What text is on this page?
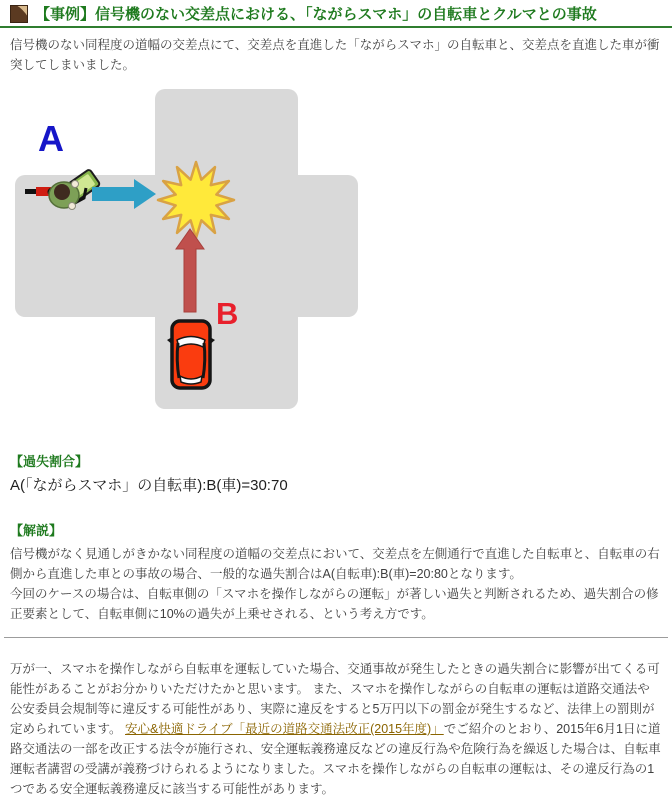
【事例】信号機のない交差点における、「ながらスマホ」の自転車とクルマとの事故

信号機のない同程度の道幅の交差点にて、交差点を直進した「ながらスマホ」の自転車と、交差点を直進した車が衝突してしまいました。

A
B
【過失割合】
A(「ながらスマホ」の自転車):B(車)=30:70
【解説】

信号機がなく見通しがきかない同程度の道幅の交差点において、交差点を左側通行で直進した自転車と、自転車の右側から直進した車との事故の場合、一般的な過失割合はA(自転車):B(車)=20:80となります。
今回のケースの場合は、自転車側の「スマホを操作しながらの運転」が著しい過失と判断されるため、過失割合の修正要素として、自転車側に10%の過失が上乗せされる、という考え方です。

万が一、スマホを操作しながら自転車を運転していた場合、交通事故が発生したときの過失割合に影響が出てくる可能性があることがお分かりいただけたかと思います。 また、スマホを操作しながらの自転車の運転は道路交通法や公安委員会規制等に違反する可能性があり、実際に違反をすると5万円以下の罰金が発生するなど、法律上の罰則が定められています。 安心&快適ドライブ「最近の道路交通法改正(2015年度)」でご紹介のとおり、2015年6月1日に道路交通法の一部を改正する法令が施行され、安全運転義務違反などの違反行為や危険行為を繰返した場合は、自転車運転者講習の受講が義務づけられるようになりました。スマホを操作しながらの自転車の運転は、その違反行為の1つである安全運転義務違反に該当する可能性があります。
